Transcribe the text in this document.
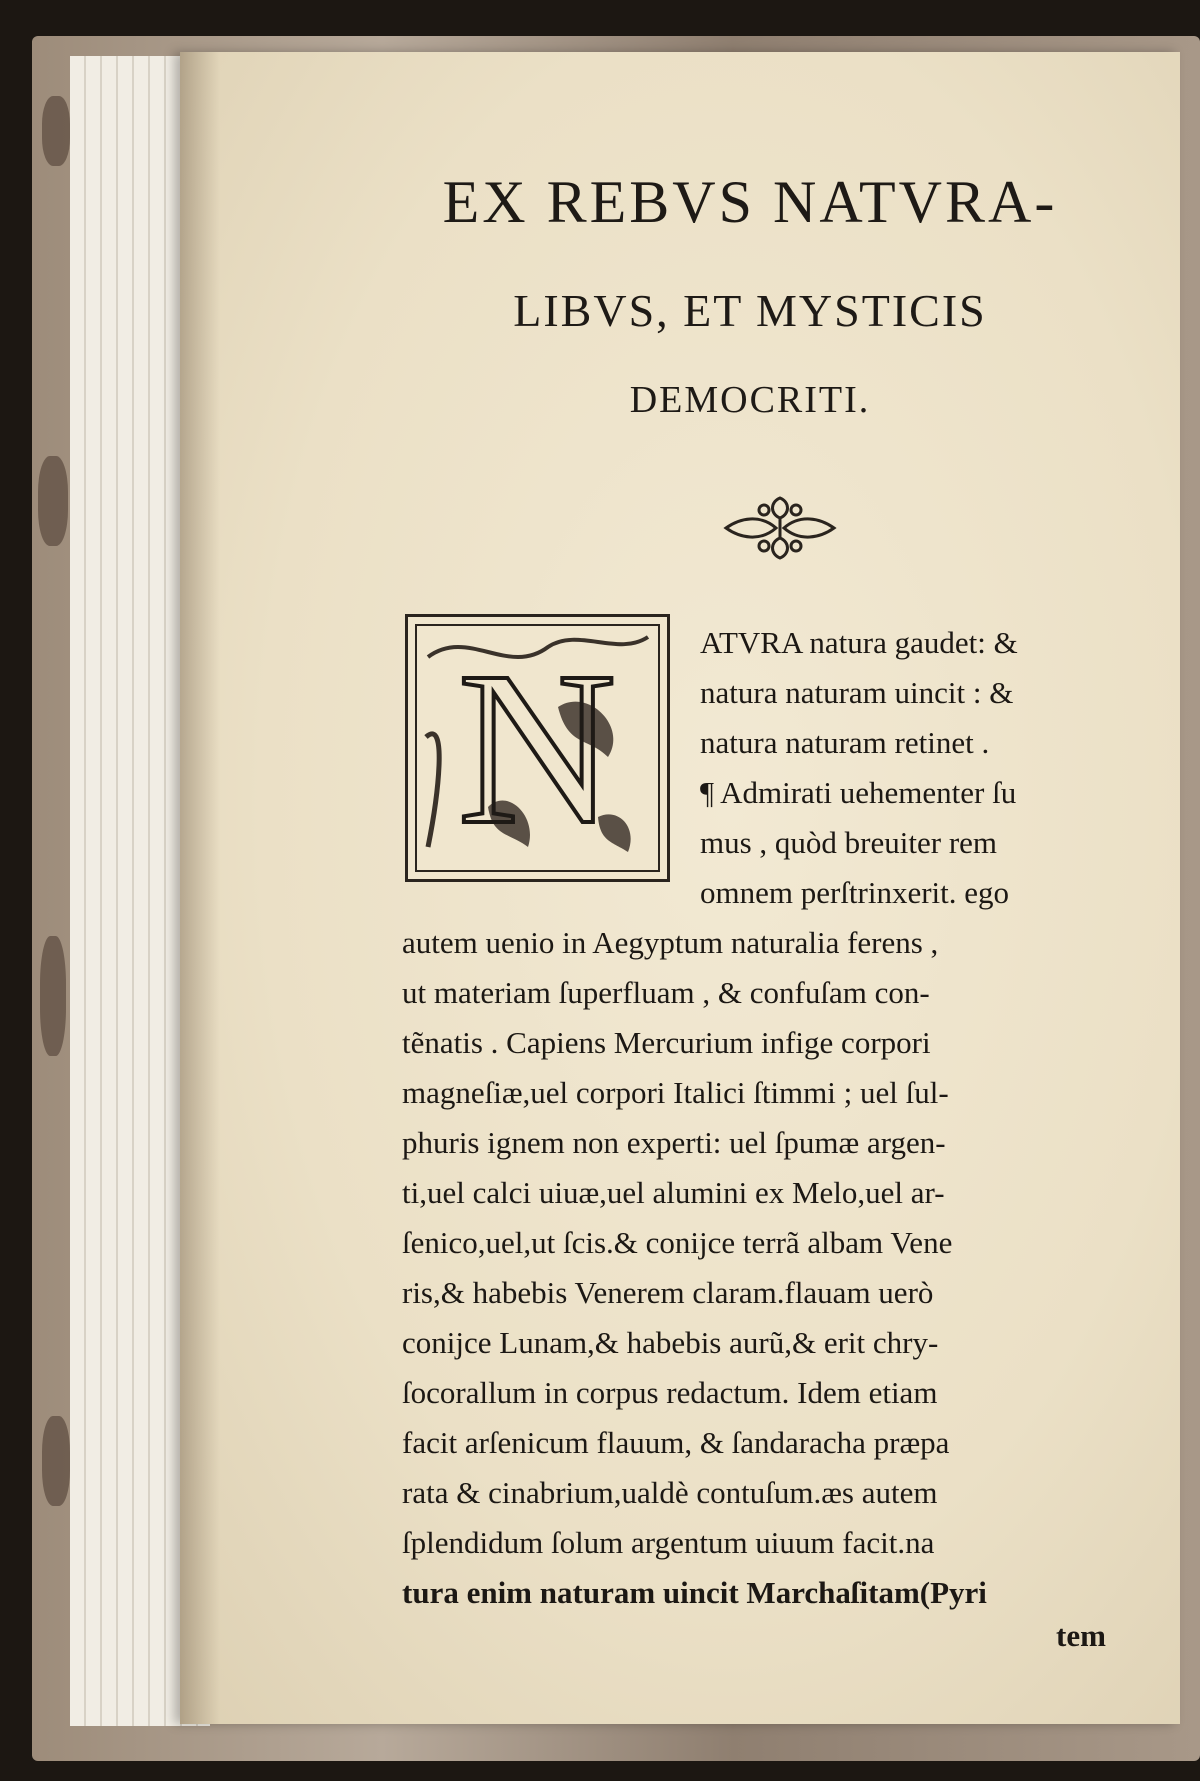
EX REBVS NATVRA-
LIBVS, ET MYSTICIS
DEMOCRITI.
N	ATVRA natura gaudet: &
natura naturam uincit : &
natura naturam retinet .
¶ Admirati uehementer ſu
mus , quòd breuiter rem
omnem perſtrinxerit. ego
autem uenio in Aegyptum naturalia ferens ,
ut materiam ſuperfluam , & confuſam con-
tẽnatis . Capiens Mercurium infige corpori
magneſiæ,uel corpori Italici ſtimmi ; uel ſul-
phuris ignem non experti: uel ſpumæ argen-
ti,uel calci uiuæ,uel alumini ex Melo,uel ar-
ſenico,uel,ut ſcis.& conijce terrã albam Vene
ris,& habebis Venerem claram.flauam uerò
conijce Lunam,& habebis aurũ,& erit chry-
ſocorallum in corpus redactum. Idem etiam
facit arſenicum flauum, & ſandaracha præpa
rata & cinabrium,ualdè contuſum.æs autem
ſplendidum ſolum argentum uiuum facit.na
tura enim naturam uincit Marchaſitam(Pyri
tem
